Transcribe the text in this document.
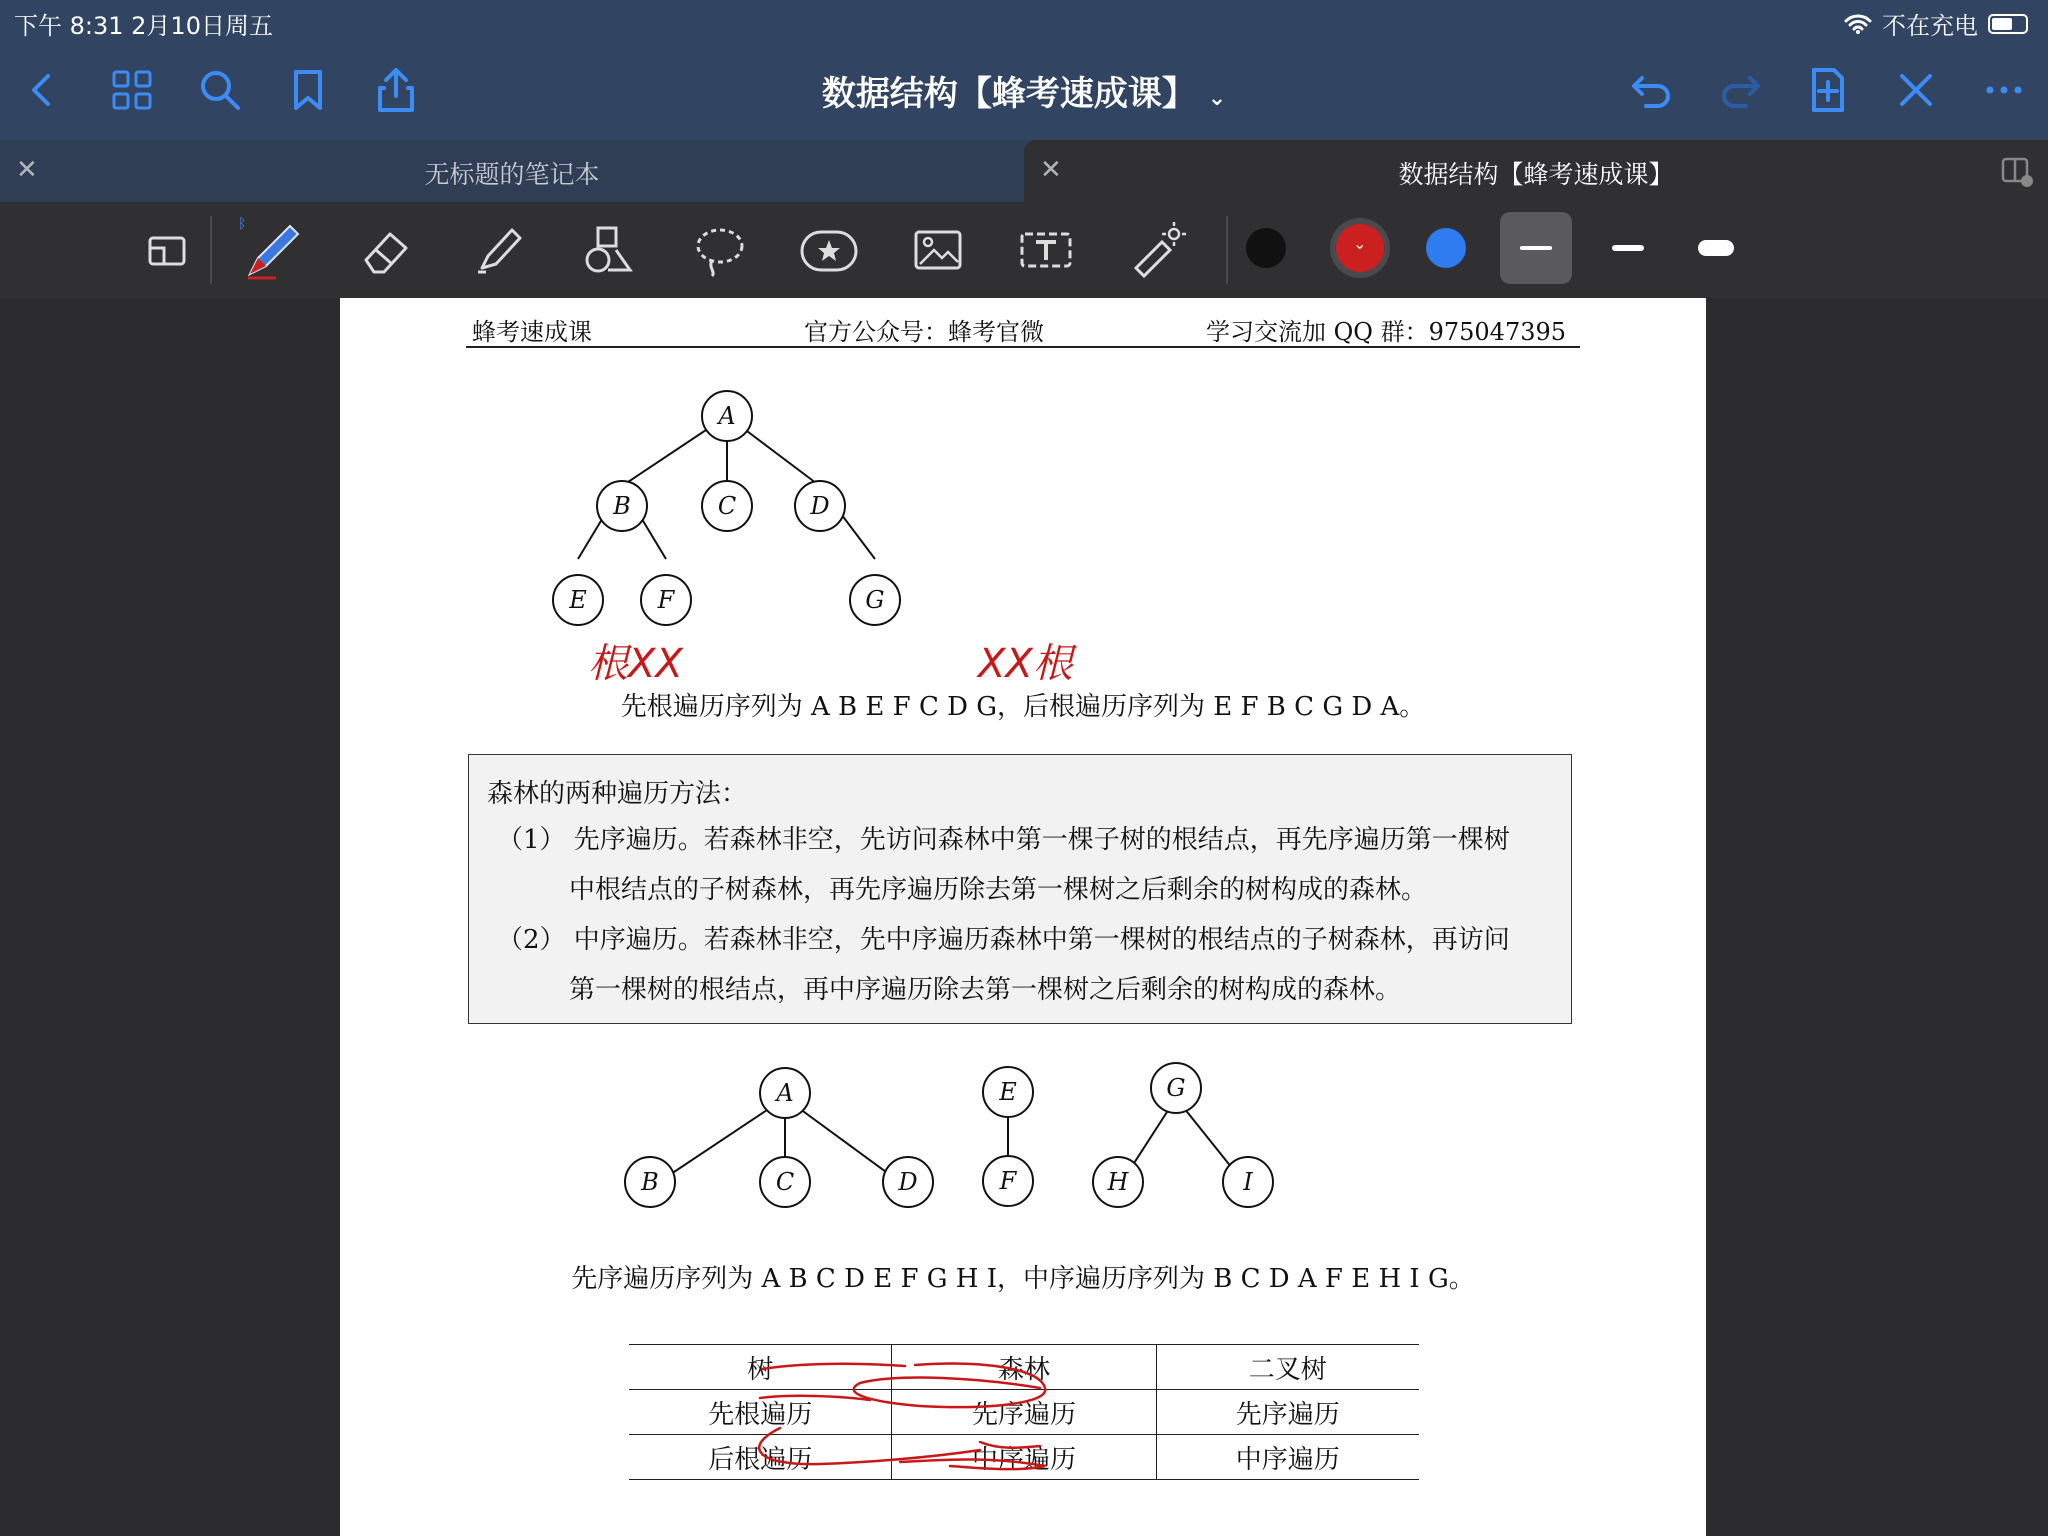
下午 8:31 2月10日周五	不在充电
数据结构【蜂考速成课】 ⌄
✕	无标题的笔记本	✕	数据结构【蜂考速成课】
ᛒ
⌄
蜂考速成课	官方公众号：蜂考官微	学习交流加 QQ 群：975047395
A
B	C	D
E	F	G
根XX	XX根
先根遍历序列为 A B E F C D G，后根遍历序列为 E F B C G D A。
森林的两种遍历方法：
（1） 先序遍历。若森林非空，先访问森林中第一棵子树的根结点，再先序遍历第一棵树
中根结点的子树森林，再先序遍历除去第一棵树之后剩余的树构成的森林。
（2） 中序遍历。若森林非空，先中序遍历森林中第一棵树的根结点的子树森林，再访问
第一棵树的根结点，再中序遍历除去第一棵树之后剩余的树构成的森林。
A
B	C	D
E
F
G
H	I
先序遍历序列为 A B C D E F G H I，中序遍历序列为 B C D A F E H I G。
树	森林	二叉树
先根遍历	先序遍历	先序遍历
后根遍历	中序遍历	中序遍历
